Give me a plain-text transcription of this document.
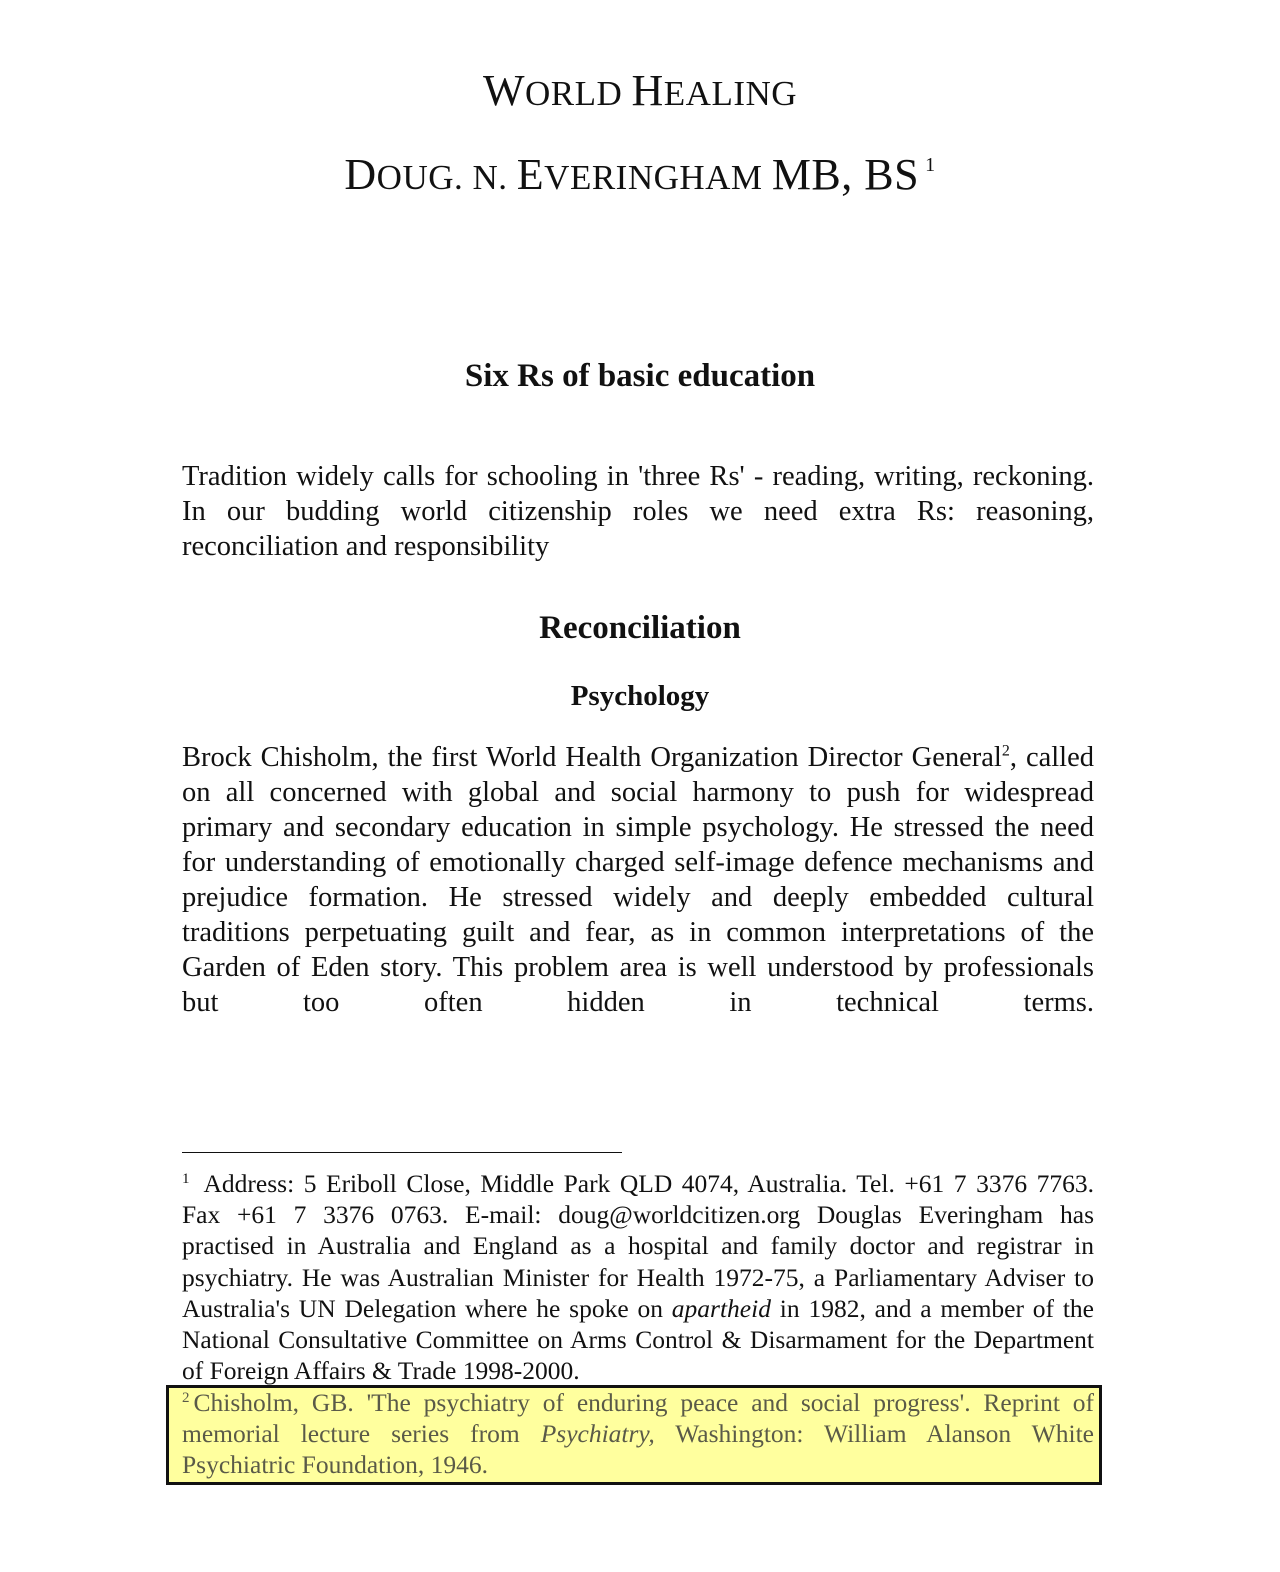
WORLD HEALING
DOUG. N. EVERINGHAM MB, BS $^1$
Six Rs of basic education
Tradition widely calls for schooling in 'three Rs' - reading, writing, reckoning. In our budding world citizenship roles we need extra Rs: reasoning, reconciliation and responsibility
Reconciliation
Psychology
Brock Chisholm, the first World Health Organization Director General$^2$, called on all concerned with global and social harmony to push for widespread primary and secondary education in simple psychology. He stressed the need for understanding of emotionally charged self-image defence mechanisms and prejudice formation. He stressed widely and deeply embedded cultural traditions perpetuating guilt and fear, as in common interpretations of the Garden of Eden story. This problem area is well understood by professionals but too often hidden in technical terms.
$^1$ Address: 5 Eriboll Close, Middle Park QLD 4074, Australia. Tel. +61 7 3376 7763. Fax +61 7 3376 0763. E-mail: doug@worldcitizen.org Douglas Everingham has practised in Australia and England as a hospital and family doctor and registrar in psychiatry. He was Australian Minister for Health 1972-75, a Parliamentary Adviser to Australia's UN Delegation where he spoke on apartheid in 1982, and a member of the National Consultative Committee on Arms Control & Disarmament for the Department of Foreign Affairs & Trade 1998-2000.
$^2$ Chisholm, GB. 'The psychiatry of enduring peace and social progress'. Reprint of memorial lecture series from Psychiatry, Washington: William Alanson White Psychiatric Foundation, 1946.
